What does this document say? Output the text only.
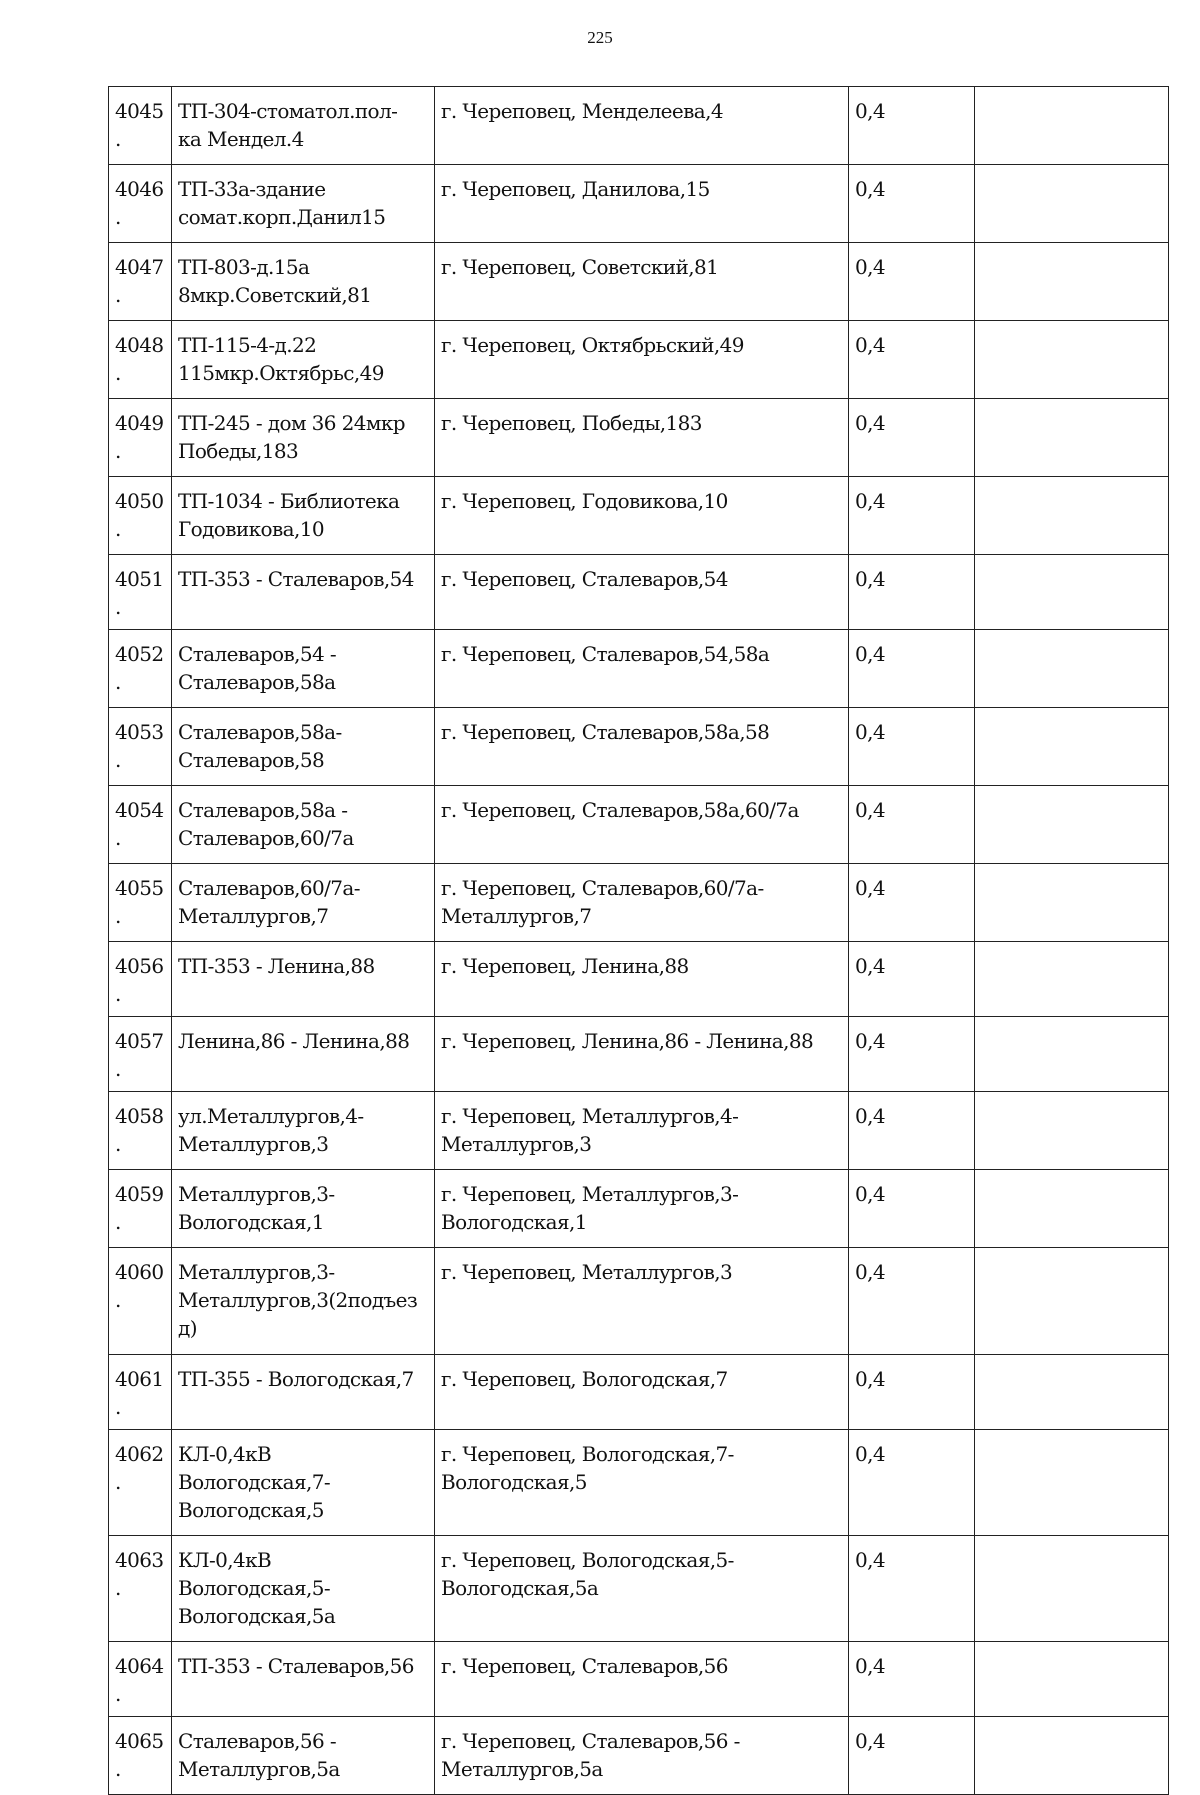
225
4045.	ТП-304-стоматол.пол-
ка Мендел.4	г. Череповец, Менделеева,4	0,4	
4046.	ТП-33а-здание
сомат.корп.Данил15	г. Череповец, Данилова,15	0,4	
4047.	ТП-803-д.15а
8мкр.Советский,81	г. Череповец, Советский,81	0,4	
4048.	ТП-115-4-д.22
115мкр.Октябрьс,49	г. Череповец, Октябрьский,49	0,4	
4049.	ТП-245 - дом 36 24мкр
Победы,183	г. Череповец, Победы,183	0,4	
4050.	ТП-1034 - Библиотека
Годовикова,10	г. Череповец, Годовикова,10	0,4	
4051.	ТП-353 - Сталеваров,54	г. Череповец, Сталеваров,54	0,4	
4052.	Сталеваров,54 -
Сталеваров,58а	г. Череповец, Сталеваров,54,58а	0,4	
4053.	Сталеваров,58а-
Сталеваров,58	г. Череповец, Сталеваров,58а,58	0,4	
4054.	Сталеваров,58а -
Сталеваров,60/7а	г. Череповец, Сталеваров,58а,60/7а	0,4	
4055.	Сталеваров,60/7а-
Металлургов,7	г. Череповец, Сталеваров,60/7а-
Металлургов,7	0,4	
4056.	ТП-353 - Ленина,88	г. Череповец, Ленина,88	0,4	
4057.	Ленина,86 - Ленина,88	г. Череповец, Ленина,86 - Ленина,88	0,4	
4058.	ул.Металлургов,4-
Металлургов,3	г. Череповец, Металлургов,4-
Металлургов,3	0,4	
4059.	Металлургов,3-
Вологодская,1	г. Череповец, Металлургов,3-
Вологодская,1	0,4	
4060.	Металлургов,3-
Металлургов,3(2подъез
д)	г. Череповец, Металлургов,3	0,4	
4061.	ТП-355 - Вологодская,7	г. Череповец, Вологодская,7	0,4	
4062.	КЛ-0,4кВ
Вологодская,7-
Вологодская,5	г. Череповец, Вологодская,7-
Вологодская,5	0,4	
4063.	КЛ-0,4кВ
Вологодская,5-
Вологодская,5а	г. Череповец, Вологодская,5-
Вологодская,5а	0,4	
4064.	ТП-353 - Сталеваров,56	г. Череповец, Сталеваров,56	0,4	
4065.	Сталеваров,56 -
Металлургов,5а	г. Череповец, Сталеваров,56 -
Металлургов,5а	0,4	
